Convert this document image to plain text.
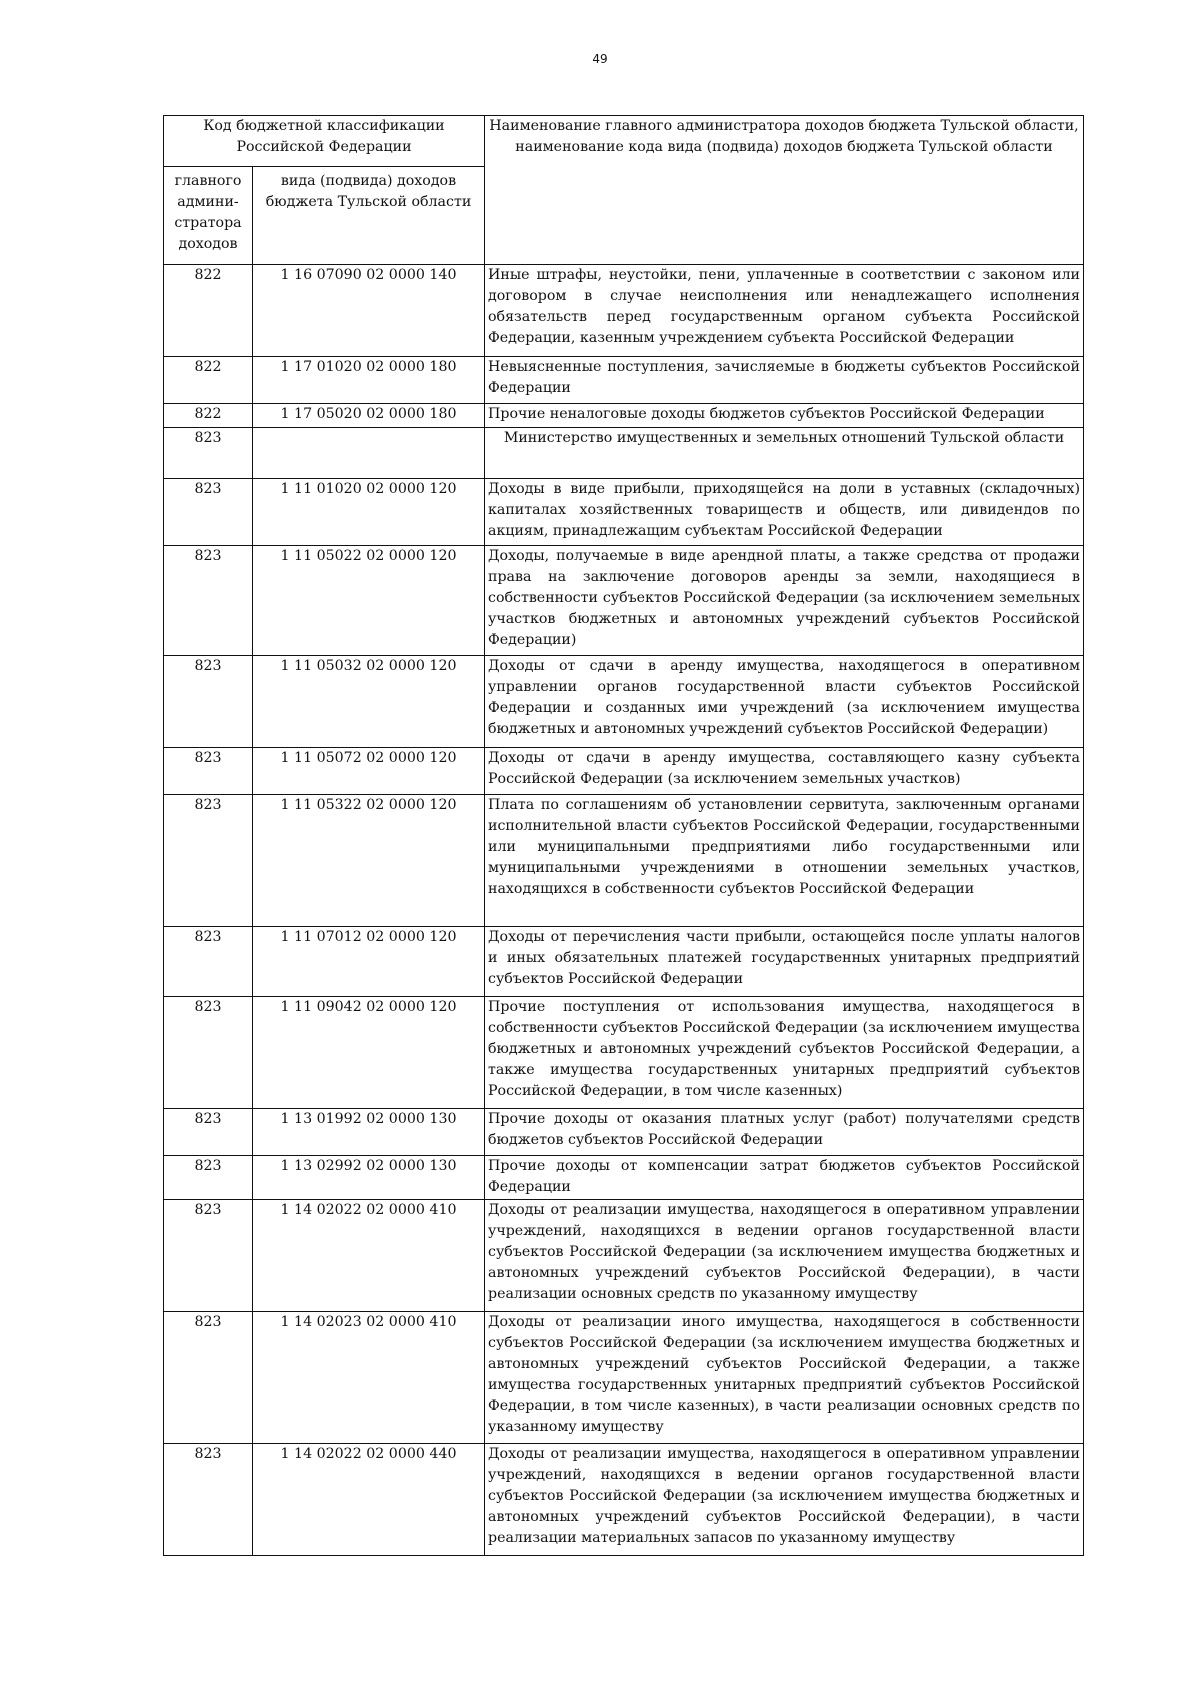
49
Код бюджетной классификации Российской Федерации		Наименование главного администратора доходов бюджета Тульской области, наименование кода вида (подвида) доходов бюджета Тульской области
главного админи-стратора доходов	вида (подвида) доходов бюджета Тульской области	
822	1 16 07090 02 0000 140	Иные штрафы, неустойки, пени, уплаченные в соответствии с законом или договором в случае неисполнения или ненадлежащего исполнения обязательств перед государственным органом субъекта Российской Федерации, казенным учреждением субъекта Российской Федерации
822	1 17 01020 02 0000 180	Невыясненные поступления, зачисляемые в бюджеты субъектов Российской Федерации
822	1 17 05020 02 0000 180	Прочие неналоговые доходы бюджетов субъектов Российской Федерации
823		Министерство имущественных и земельных отношений Тульской области
823	1 11 01020 02 0000 120	Доходы в виде прибыли, приходящейся на доли в уставных (складочных) капиталах хозяйственных товариществ и обществ, или дивидендов по акциям, принадлежащим субъектам Российской Федерации
823	1 11 05022 02 0000 120	Доходы, получаемые в виде арендной платы, а также средства от продажи права на заключение договоров аренды за земли, находящиеся в собственности субъектов Российской Федерации (за исключением земельных участков бюджетных и автономных учреждений субъектов Российской Федерации)
823	1 11 05032 02 0000 120	Доходы от сдачи в аренду имущества, находящегося в оперативном управлении органов государственной власти субъектов Российской Федерации и созданных ими учреждений (за исключением имущества бюджетных и автономных учреждений субъектов Российской Федерации)
823	1 11 05072 02 0000 120	Доходы от сдачи в аренду имущества, составляющего казну субъекта Российской Федерации (за исключением земельных участков)
823	1 11 05322 02 0000 120	Плата по соглашениям об установлении сервитута, заключенным органами исполнительной власти субъектов Российской Федерации, государственными или муниципальными предприятиями либо государственными или муниципальными учреждениями в отношении земельных участков, находящихся в собственности субъектов Российской Федерации
823	1 11 07012 02 0000 120	Доходы от перечисления части прибыли, остающейся после уплаты налогов и иных обязательных платежей государственных унитарных предприятий субъектов Российской Федерации
823	1 11 09042 02 0000 120	Прочие поступления от использования имущества, находящегося в собственности субъектов Российской Федерации (за исключением имущества бюджетных и автономных учреждений субъектов Российской Федерации, а также имущества государственных унитарных предприятий субъектов Российской Федерации, в том числе казенных)
823	1 13 01992 02 0000 130	Прочие доходы от оказания платных услуг (работ) получателями средств бюджетов субъектов Российской Федерации
823	1 13 02992 02 0000 130	Прочие доходы от компенсации затрат бюджетов субъектов Российской Федерации
823	1 14 02022 02 0000 410	Доходы от реализации имущества, находящегося в оперативном управлении учреждений, находящихся в ведении органов государственной власти субъектов Российской Федерации (за исключением имущества бюджетных и автономных учреждений субъектов Российской Федерации), в части реализации основных средств по указанному имуществу
823	1 14 02023 02 0000 410	Доходы от реализации иного имущества, находящегося в собственности субъектов Российской Федерации (за исключением имущества бюджетных и автономных учреждений субъектов Российской Федерации, а также имущества государственных унитарных предприятий субъектов Российской Федерации, в том числе казенных), в части реализации основных средств по указанному имуществу
823	1 14 02022 02 0000 440	Доходы от реализации имущества, находящегося в оперативном управлении учреждений, находящихся в ведении органов государственной власти субъектов Российской Федерации (за исключением имущества бюджетных и автономных учреждений субъектов Российской Федерации), в части реализации материальных запасов по указанному имуществу
